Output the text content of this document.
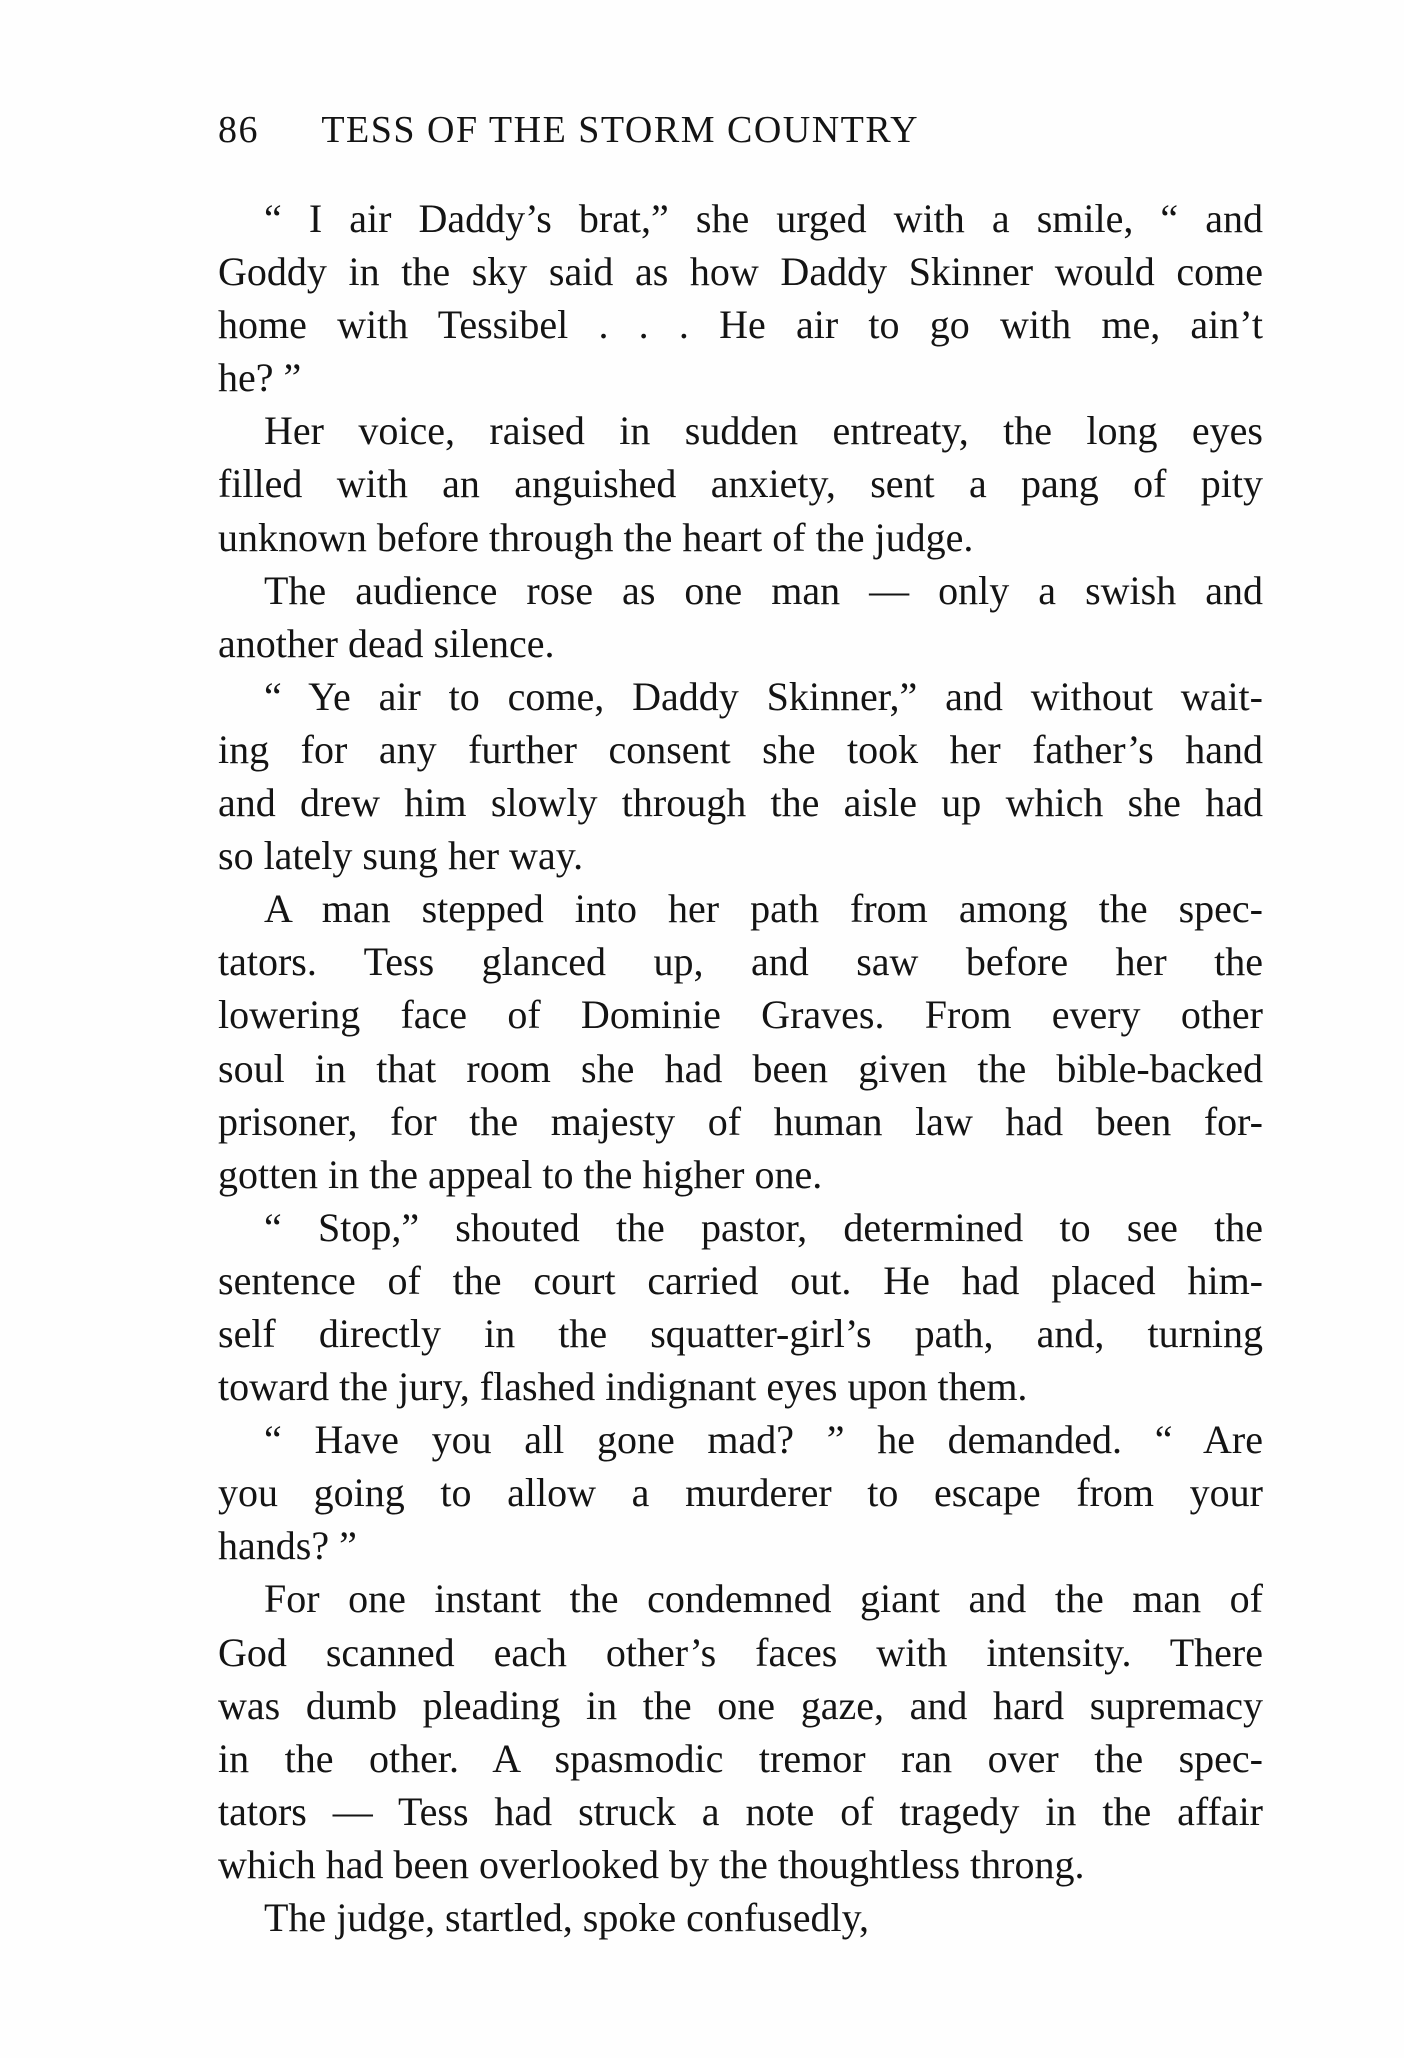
86 TESS OF THE STORM COUNTRY
“ I air Daddy’s brat,” she urged with a smile, “ and
Goddy in the sky said as how Daddy Skinner would come
home with Tessibel . . . He air to go with me, ain’t
he? ”
Her voice, raised in sudden entreaty, the long eyes
filled with an anguished anxiety, sent a pang of pity
unknown before through the heart of the judge.
The audience rose as one man — only a swish and
another dead silence.
“ Ye air to come, Daddy Skinner,” and without wait-
ing for any further consent she took her father’s hand
and drew him slowly through the aisle up which she had
so lately sung her way.
A man stepped into her path from among the spec-
tators. Tess glanced up, and saw before her the
lowering face of Dominie Graves. From every other
soul in that room she had been given the bible-backed
prisoner, for the majesty of human law had been for-
gotten in the appeal to the higher one.
“ Stop,” shouted the pastor, determined to see the
sentence of the court carried out. He had placed him-
self directly in the squatter-girl’s path, and, turning
toward the jury, flashed indignant eyes upon them.
“ Have you all gone mad? ” he demanded. “ Are
you going to allow a murderer to escape from your
hands? ”
For one instant the condemned giant and the man of
God scanned each other’s faces with intensity. There
was dumb pleading in the one gaze, and hard supremacy
in the other. A spasmodic tremor ran over the spec-
tators — Tess had struck a note of tragedy in the affair
which had been overlooked by the thoughtless throng.
The judge, startled, spoke confusedly,
